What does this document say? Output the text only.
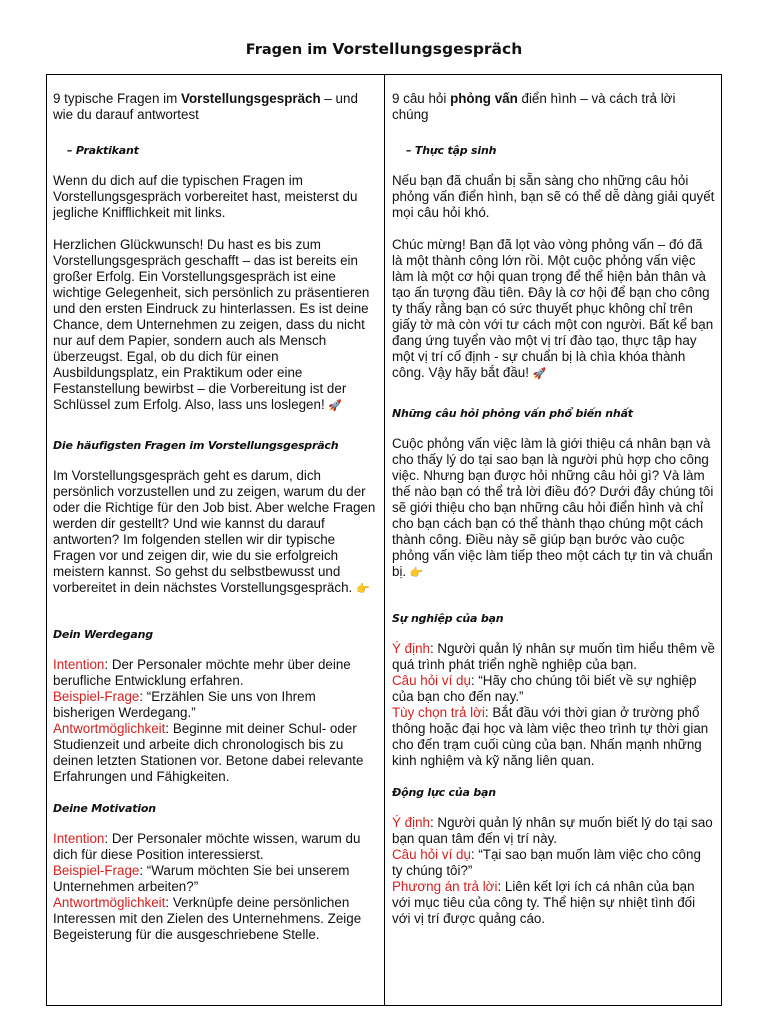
Fragen im Vorstellungsgespräch

9 typische Fragen im Vorstellungsgespräch – und wie du darauf antwortest

– Praktikant

Wenn du dich auf die typischen Fragen im Vorstellungsgespräch vorbereitet hast, meisterst du jegliche Knifflichkeit mit links.

Herzlichen Glückwunsch! Du hast es bis zum Vorstellungsgespräch geschafft – das ist bereits ein großer Erfolg. Ein Vorstellungsgespräch ist eine wichtige Gelegenheit, sich persönlich zu präsentieren und den ersten Eindruck zu hinterlassen. Es ist deine Chance, dem Unternehmen zu zeigen, dass du nicht nur auf dem Papier, sondern auch als Mensch überzeugst. Egal, ob du dich für einen Ausbildungsplatz, ein Praktikum oder eine Festanstellung bewirbst – die Vorbereitung ist der Schlüssel zum Erfolg. Also, lass uns loslegen! 🚀

Die häufigsten Fragen im Vorstellungsgespräch

Im Vorstellungsgespräch geht es darum, dich persönlich vorzustellen und zu zeigen, warum du der oder die Richtige für den Job bist. Aber welche Fragen werden dir gestellt? Und wie kannst du darauf antworten? Im folgenden stellen wir dir typische Fragen vor und zeigen dir, wie du sie erfolgreich meistern kannst. So gehst du selbstbewusst und vorbereitet in dein nächstes Vorstellungsgespräch. 👉

Dein Werdegang

Intention: Der Personaler möchte mehr über deine berufliche Entwicklung erfahren.

Beispiel-Frage: “Erzählen Sie uns von Ihrem bisherigen Werdegang.”

Antwortmöglichkeit: Beginne mit deiner Schul- oder Studienzeit und arbeite dich chronologisch bis zu deinen letzten Stationen vor. Betone dabei relevante Erfahrungen und Fähigkeiten.

Deine Motivation

Intention: Der Personaler möchte wissen, warum du dich für diese Position interessierst.

Beispiel-Frage: “Warum möchten Sie bei unserem Unternehmen arbeiten?”

Antwortmöglichkeit: Verknüpfe deine persönlichen Interessen mit den Zielen des Unternehmens. Zeige Begeisterung für die ausgeschriebene Stelle.

9 câu hỏi phỏng vấn điển hình – và cách trả lời chúng

– Thực tập sinh

Nếu bạn đã chuẩn bị sẵn sàng cho những câu hỏi phỏng vấn điển hình, bạn sẽ có thể dễ dàng giải quyết mọi câu hỏi khó.

Chúc mừng! Bạn đã lọt vào vòng phỏng vấn – đó đã là một thành công lớn rồi. Một cuộc phỏng vấn việc làm là một cơ hội quan trọng để thể hiện bản thân và tạo ấn tượng đầu tiên. Đây là cơ hội để bạn cho công ty thấy rằng bạn có sức thuyết phục không chỉ trên giấy tờ mà còn với tư cách một con người. Bất kể bạn đang ứng tuyển vào một vị trí đào tạo, thực tập hay một vị trí cố định - sự chuẩn bị là chìa khóa thành công. Vậy hãy bắt đầu! 🚀

Những câu hỏi phỏng vấn phổ biến nhất

Cuộc phỏng vấn việc làm là giới thiệu cá nhân bạn và cho thấy lý do tại sao bạn là người phù hợp cho công việc. Nhưng bạn được hỏi những câu hỏi gì? Và làm thế nào bạn có thể trả lời điều đó? Dưới đây chúng tôi sẽ giới thiệu cho bạn những câu hỏi điển hình và chỉ cho bạn cách bạn có thể thành thạo chúng một cách thành công. Điều này sẽ giúp bạn bước vào cuộc phỏng vấn việc làm tiếp theo một cách tự tin và chuẩn bị. 👉

Sự nghiệp của bạn

Ý định: Người quản lý nhân sự muốn tìm hiểu thêm về quá trình phát triển nghề nghiệp của bạn.

Câu hỏi ví dụ: “Hãy cho chúng tôi biết về sự nghiệp của bạn cho đến nay.”

Tùy chọn trả lời: Bắt đầu với thời gian ở trường phổ thông hoặc đại học và làm việc theo trình tự thời gian cho đến trạm cuối cùng của bạn. Nhấn mạnh những kinh nghiệm và kỹ năng liên quan.

Động lực của bạn

Ý định: Người quản lý nhân sự muốn biết lý do tại sao bạn quan tâm đến vị trí này.

Câu hỏi ví dụ: “Tại sao bạn muốn làm việc cho công ty chúng tôi?”

Phương án trả lời: Liên kết lợi ích cá nhân của bạn với mục tiêu của công ty. Thể hiện sự nhiệt tình đối với vị trí được quảng cáo.
